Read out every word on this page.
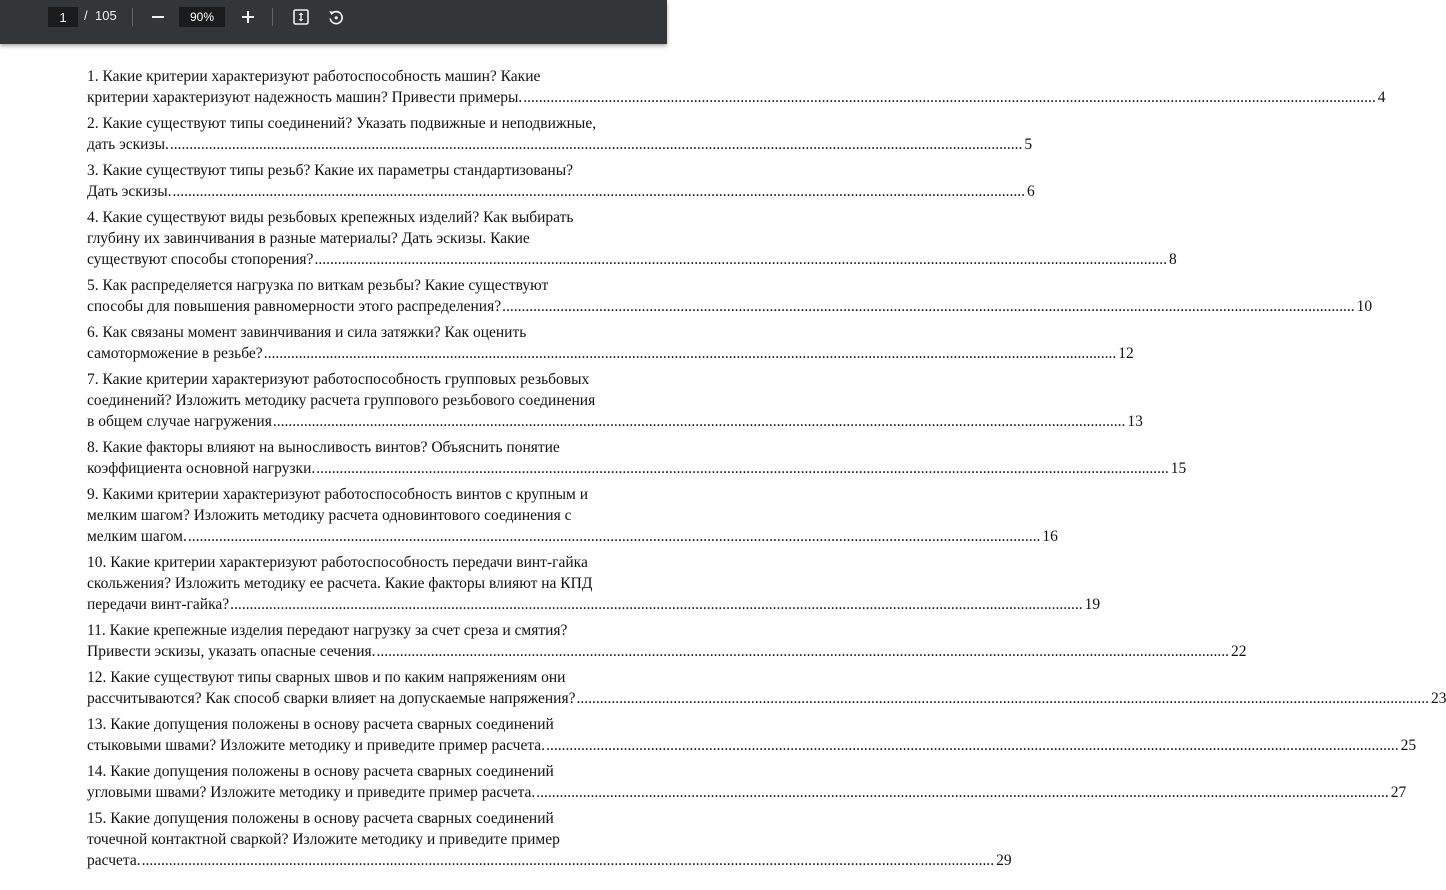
1
/ 105	90%
1. Какие критерии характеризуют работоспособность машин? Какие
критерии характеризуют надежность машин? Привести примеры. ............................................................................................................................................................................................................................ 4
2. Какие существуют типы соединений? Указать подвижные и неподвижные,
дать эскизы. ............................................................................................................................................................................................................................ 5
3. Какие существуют типы резьб? Какие их параметры стандартизованы?
Дать эскизы. ............................................................................................................................................................................................................................ 6
4. Какие существуют виды резьбовых крепежных изделий? Как выбирать
глубину их завинчивания в разные материалы? Дать эскизы. Какие
существуют способы стопорения? ............................................................................................................................................................................................................................ 8
5. Как распределяется нагрузка по виткам резьбы? Какие существуют
способы для повышения равномерности этого распределения? ............................................................................................................................................................................................................................ 10
6. Как связаны момент завинчивания и сила затяжки? Как оценить
самоторможение в резьбе? ............................................................................................................................................................................................................................ 12
7. Какие критерии характеризуют работоспособность групповых резьбовых
соединений? Изложить методику расчета группового резьбового соединения
в общем случае нагружения ............................................................................................................................................................................................................................ 13
8. Какие факторы влияют на выносливость винтов? Объяснить понятие
коэффициента основной нагрузки. ............................................................................................................................................................................................................................ 15
9. Какими критерии характеризуют работоспособность винтов с крупным и
мелким шагом? Изложить методику расчета одновинтового соединения с
мелким шагом. ............................................................................................................................................................................................................................ 16
10. Какие критерии характеризуют работоспособность передачи винт-гайка
скольжения? Изложить методику ее расчета. Какие факторы влияют на КПД
передачи винт-гайка? ............................................................................................................................................................................................................................ 19
11. Какие крепежные изделия передают нагрузку за счет среза и смятия?
Привести эскизы, указать опасные сечения. ............................................................................................................................................................................................................................ 22
12. Какие существуют типы сварных швов и по каким напряжениям они
рассчитываются? Как способ сварки влияет на допускаемые напряжения? ............................................................................................................................................................................................................................ 23
13. Какие допущения положены в основу расчета сварных соединений
стыковыми швами? Изложите методику и приведите пример расчета. ............................................................................................................................................................................................................................ 25
14. Какие допущения положены в основу расчета сварных соединений
угловыми швами? Изложите методику и приведите пример расчета. ............................................................................................................................................................................................................................ 27
15. Какие допущения положены в основу расчета сварных соединений
точечной контактной сваркой? Изложите методику и приведите пример
расчета. ............................................................................................................................................................................................................................ 29
